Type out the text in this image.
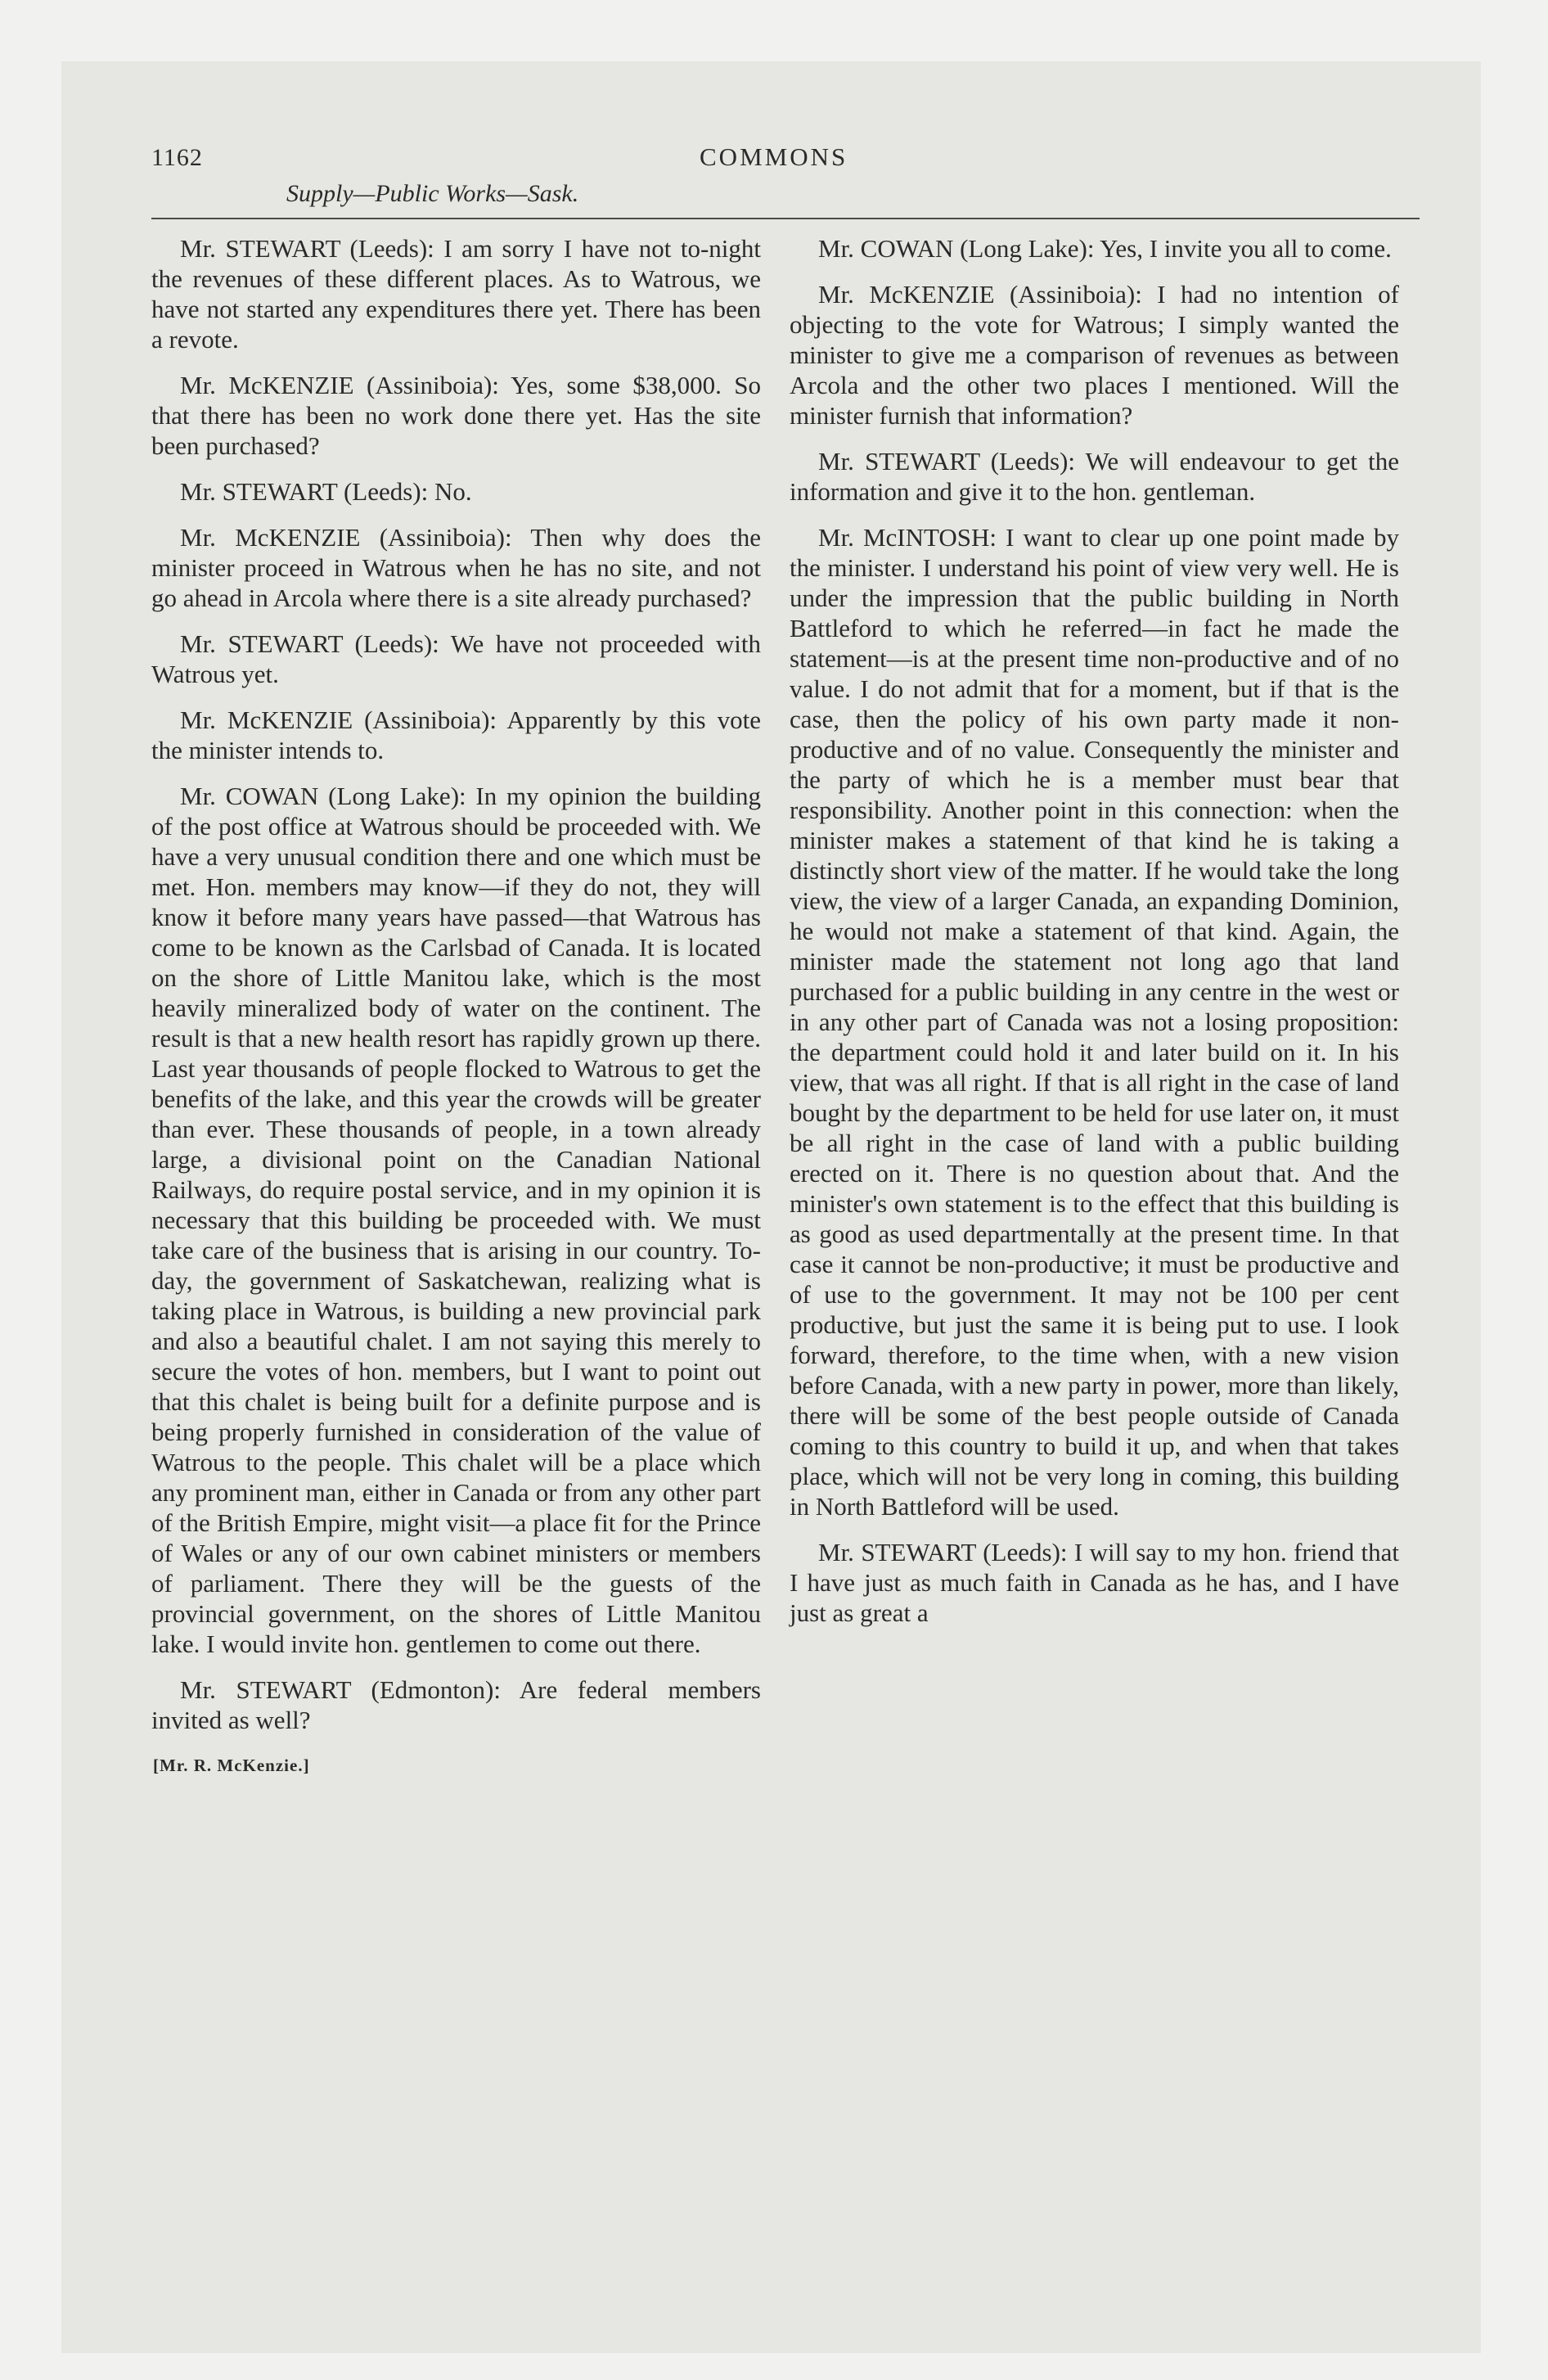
1162	COMMONS
Supply—Public Works—Sask.

Mr. STEWART (Leeds): I am sorry I have not to-night the revenues of these different places. As to Watrous, we have not started any expenditures there yet. There has been a revote.

Mr. McKENZIE (Assiniboia): Yes, some $38,000. So that there has been no work done there yet. Has the site been purchased?

Mr. STEWART (Leeds): No.

Mr. McKENZIE (Assiniboia): Then why does the minister proceed in Watrous when he has no site, and not go ahead in Arcola where there is a site already purchased?

Mr. STEWART (Leeds): We have not proceeded with Watrous yet.

Mr. McKENZIE (Assiniboia): Apparently by this vote the minister intends to.

Mr. COWAN (Long Lake): In my opinion the building of the post office at Watrous should be proceeded with. We have a very unusual condition there and one which must be met. Hon. members may know—if they do not, they will know it before many years have passed—that Watrous has come to be known as the Carlsbad of Canada. It is located on the shore of Little Manitou lake, which is the most heavily mineralized body of water on the continent. The result is that a new health resort has rapidly grown up there. Last year thousands of people flocked to Watrous to get the benefits of the lake, and this year the crowds will be greater than ever. These thousands of people, in a town already large, a divisional point on the Canadian National Railways, do require postal service, and in my opinion it is necessary that this building be proceeded with. We must take care of the business that is arising in our country. To-day, the government of Saskatchewan, realizing what is taking place in Watrous, is building a new provincial park and also a beautiful chalet. I am not saying this merely to secure the votes of hon. members, but I want to point out that this chalet is being built for a definite purpose and is being properly furnished in consideration of the value of Watrous to the people. This chalet will be a place which any prominent man, either in Canada or from any other part of the British Empire, might visit—a place fit for the Prince of Wales or any of our own cabinet ministers or members of parliament. There they will be the guests of the provincial government, on the shores of Little Manitou lake. I would invite hon. gentlemen to come out there.

Mr. STEWART (Edmonton): Are federal members invited as well?

[Mr. R. McKenzie.]

Mr. COWAN (Long Lake): Yes, I invite you all to come.

Mr. McKENZIE (Assiniboia): I had no intention of objecting to the vote for Watrous; I simply wanted the minister to give me a comparison of revenues as between Arcola and the other two places I mentioned. Will the minister furnish that information?

Mr. STEWART (Leeds): We will endeavour to get the information and give it to the hon. gentleman.

Mr. McINTOSH: I want to clear up one point made by the minister. I understand his point of view very well. He is under the impression that the public building in North Battleford to which he referred—in fact he made the statement—is at the present time non-productive and of no value. I do not admit that for a moment, but if that is the case, then the policy of his own party made it non-productive and of no value. Consequently the minister and the party of which he is a member must bear that responsibility. Another point in this connection: when the minister makes a statement of that kind he is taking a distinctly short view of the matter. If he would take the long view, the view of a larger Canada, an expanding Dominion, he would not make a statement of that kind. Again, the minister made the statement not long ago that land purchased for a public building in any centre in the west or in any other part of Canada was not a losing proposition: the department could hold it and later build on it. In his view, that was all right. If that is all right in the case of land bought by the department to be held for use later on, it must be all right in the case of land with a public building erected on it. There is no question about that. And the minister's own statement is to the effect that this building is as good as used departmentally at the present time. In that case it cannot be non-productive; it must be productive and of use to the government. It may not be 100 per cent productive, but just the same it is being put to use. I look forward, therefore, to the time when, with a new vision before Canada, with a new party in power, more than likely, there will be some of the best people outside of Canada coming to this country to build it up, and when that takes place, which will not be very long in coming, this building in North Battleford will be used.

Mr. STEWART (Leeds): I will say to my hon. friend that I have just as much faith in Canada as he has, and I have just as great a
